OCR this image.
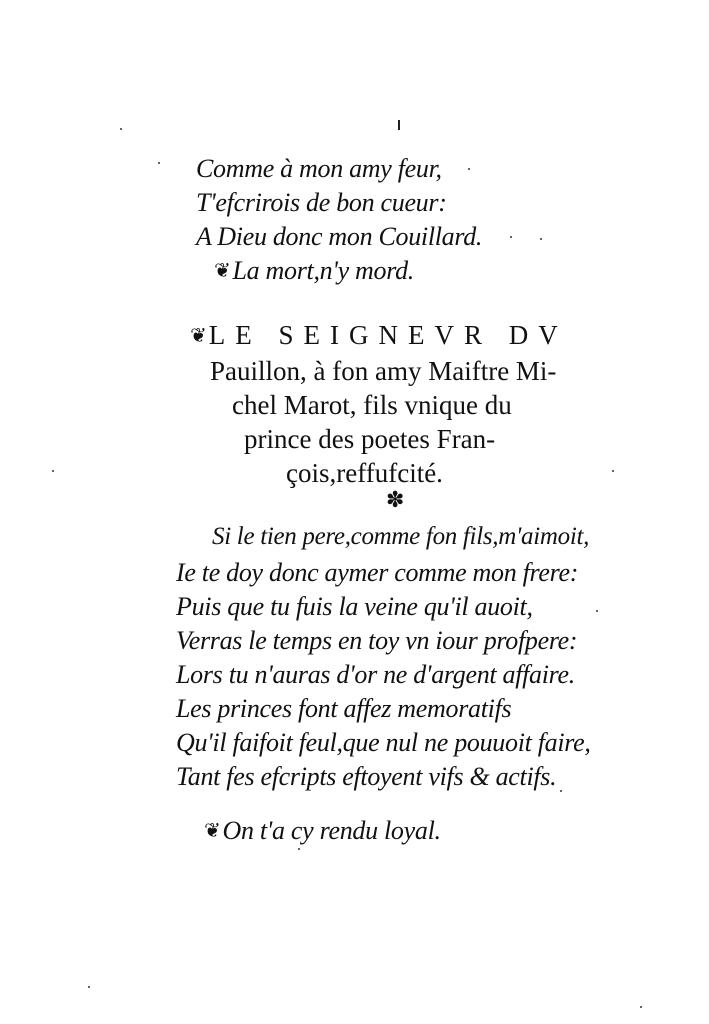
Comme à mon amy feur,
T'efcrirois de bon cueur:
A Dieu donc mon Couillard.
❦La mort,n'y mord.
❦LE SEIGNEVR DV
Pauillon, à fon amy Maiftre Mi-
chel Marot, fils vnique du
prince des poetes Fran-
çois,reffufcité.
✽
Si le tien pere,comme fon fils,m'aimoit,
Ie te doy donc aymer comme mon frere:
Puis que tu fuis la veine qu'il auoit,
Verras le temps en toy vn iour profpere:
Lors tu n'auras d'or ne d'argent affaire.
Les princes font affez memoratifs
Qu'il faifoit feul,que nul ne pouuoit faire,
Tant fes efcripts eftoyent vifs & actifs.
❦On t'a cy rendu loyal.
